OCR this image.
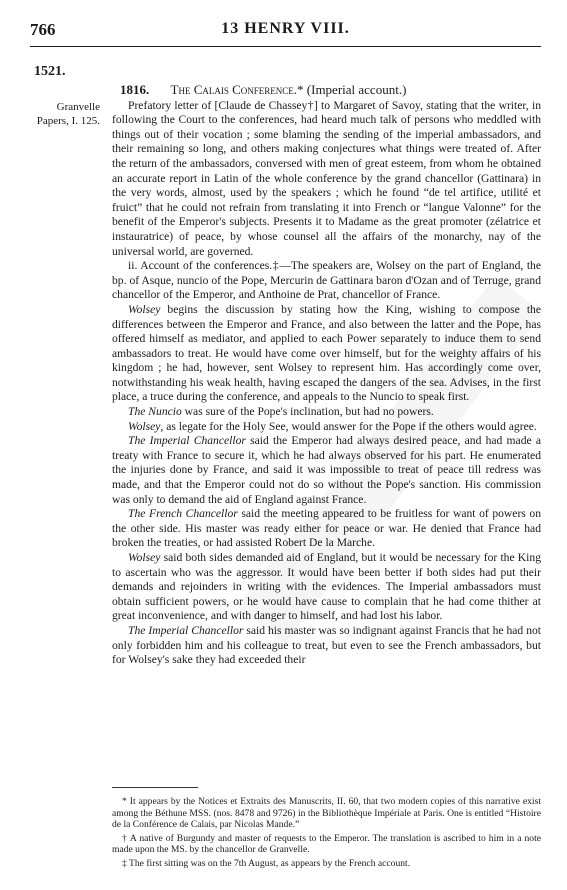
766	13 HENRY VIII.
1521.
Granvelle
Papers, I. 125.
1816. The Calais Conference.* (Imperial account.)

Prefatory letter of [Claude de Chassey†] to Margaret of Savoy, stating that the writer, in following the Court to the conferences, had heard much talk of persons who meddled with things out of their vocation ; some blaming the sending of the imperial ambassadors, and their remaining so long, and others making conjectures what things were treated of. After the return of the ambassadors, conversed with men of great esteem, from whom he obtained an accurate report in Latin of the whole conference by the grand chancellor (Gattinara) in the very words, almost, used by the speakers ; which he found “de tel artifice, utilité et fruict” that he could not refrain from translating it into French or “langue Valonne” for the benefit of the Emperor's subjects. Presents it to Madame as the great promoter (zélatrice et instauratrice) of peace, by whose counsel all the affairs of the monarchy, nay of the universal world, are governed.

ii. Account of the conferences.‡—The speakers are, Wolsey on the part of England, the bp. of Asque, nuncio of the Pope, Mercurin de Gattinara baron d'Ozan and of Terruge, grand chancellor of the Emperor, and Anthoine de Prat, chancellor of France.

Wolsey begins the discussion by stating how the King, wishing to compose the differences between the Emperor and France, and also between the latter and the Pope, has offered himself as mediator, and applied to each Power separately to induce them to send ambassadors to treat. He would have come over himself, but for the weighty affairs of his kingdom ; he had, however, sent Wolsey to represent him. Has accordingly come over, notwithstanding his weak health, having escaped the dangers of the sea. Advises, in the first place, a truce during the conference, and appeals to the Nuncio to speak first.

The Nuncio was sure of the Pope's inclination, but had no powers.

Wolsey, as legate for the Holy See, would answer for the Pope if the others would agree.

The Imperial Chancellor said the Emperor had always desired peace, and had made a treaty with France to secure it, which he had always observed for his part. He enumerated the injuries done by France, and said it was impossible to treat of peace till redress was made, and that the Emperor could not do so without the Pope's sanction. His commission was only to demand the aid of England against France.

The French Chancellor said the meeting appeared to be fruitless for want of powers on the other side. His master was ready either for peace or war. He denied that France had broken the treaties, or had assisted Robert De la Marche.

Wolsey said both sides demanded aid of England, but it would be necessary for the King to ascertain who was the aggressor. It would have been better if both sides had put their demands and rejoinders in writing with the evidences. The Imperial ambassadors must obtain sufficient powers, or he would have cause to complain that he had come thither at great inconvenience, and with danger to himself, and had lost his labor.

The Imperial Chancellor said his master was so indignant against Francis that he had not only forbidden him and his colleague to treat, but even to see the French ambassadors, but for Wolsey's sake they had exceeded their

* It appears by the Notices et Extraits des Manuscrits, II. 60, that two modern copies of this narrative exist among the Béthune MSS. (nos. 8478 and 9726) in the Bibliothèque Impériale at Paris. One is entitled “Histoire de la Conférence de Calais, par Nicolas Mande.”

† A native of Burgundy and master of requests to the Emperor. The translation is ascribed to him in a note made upon the MS. by the chancellor de Granvelle.

‡ The first sitting was on the 7th August, as appears by the French account.
